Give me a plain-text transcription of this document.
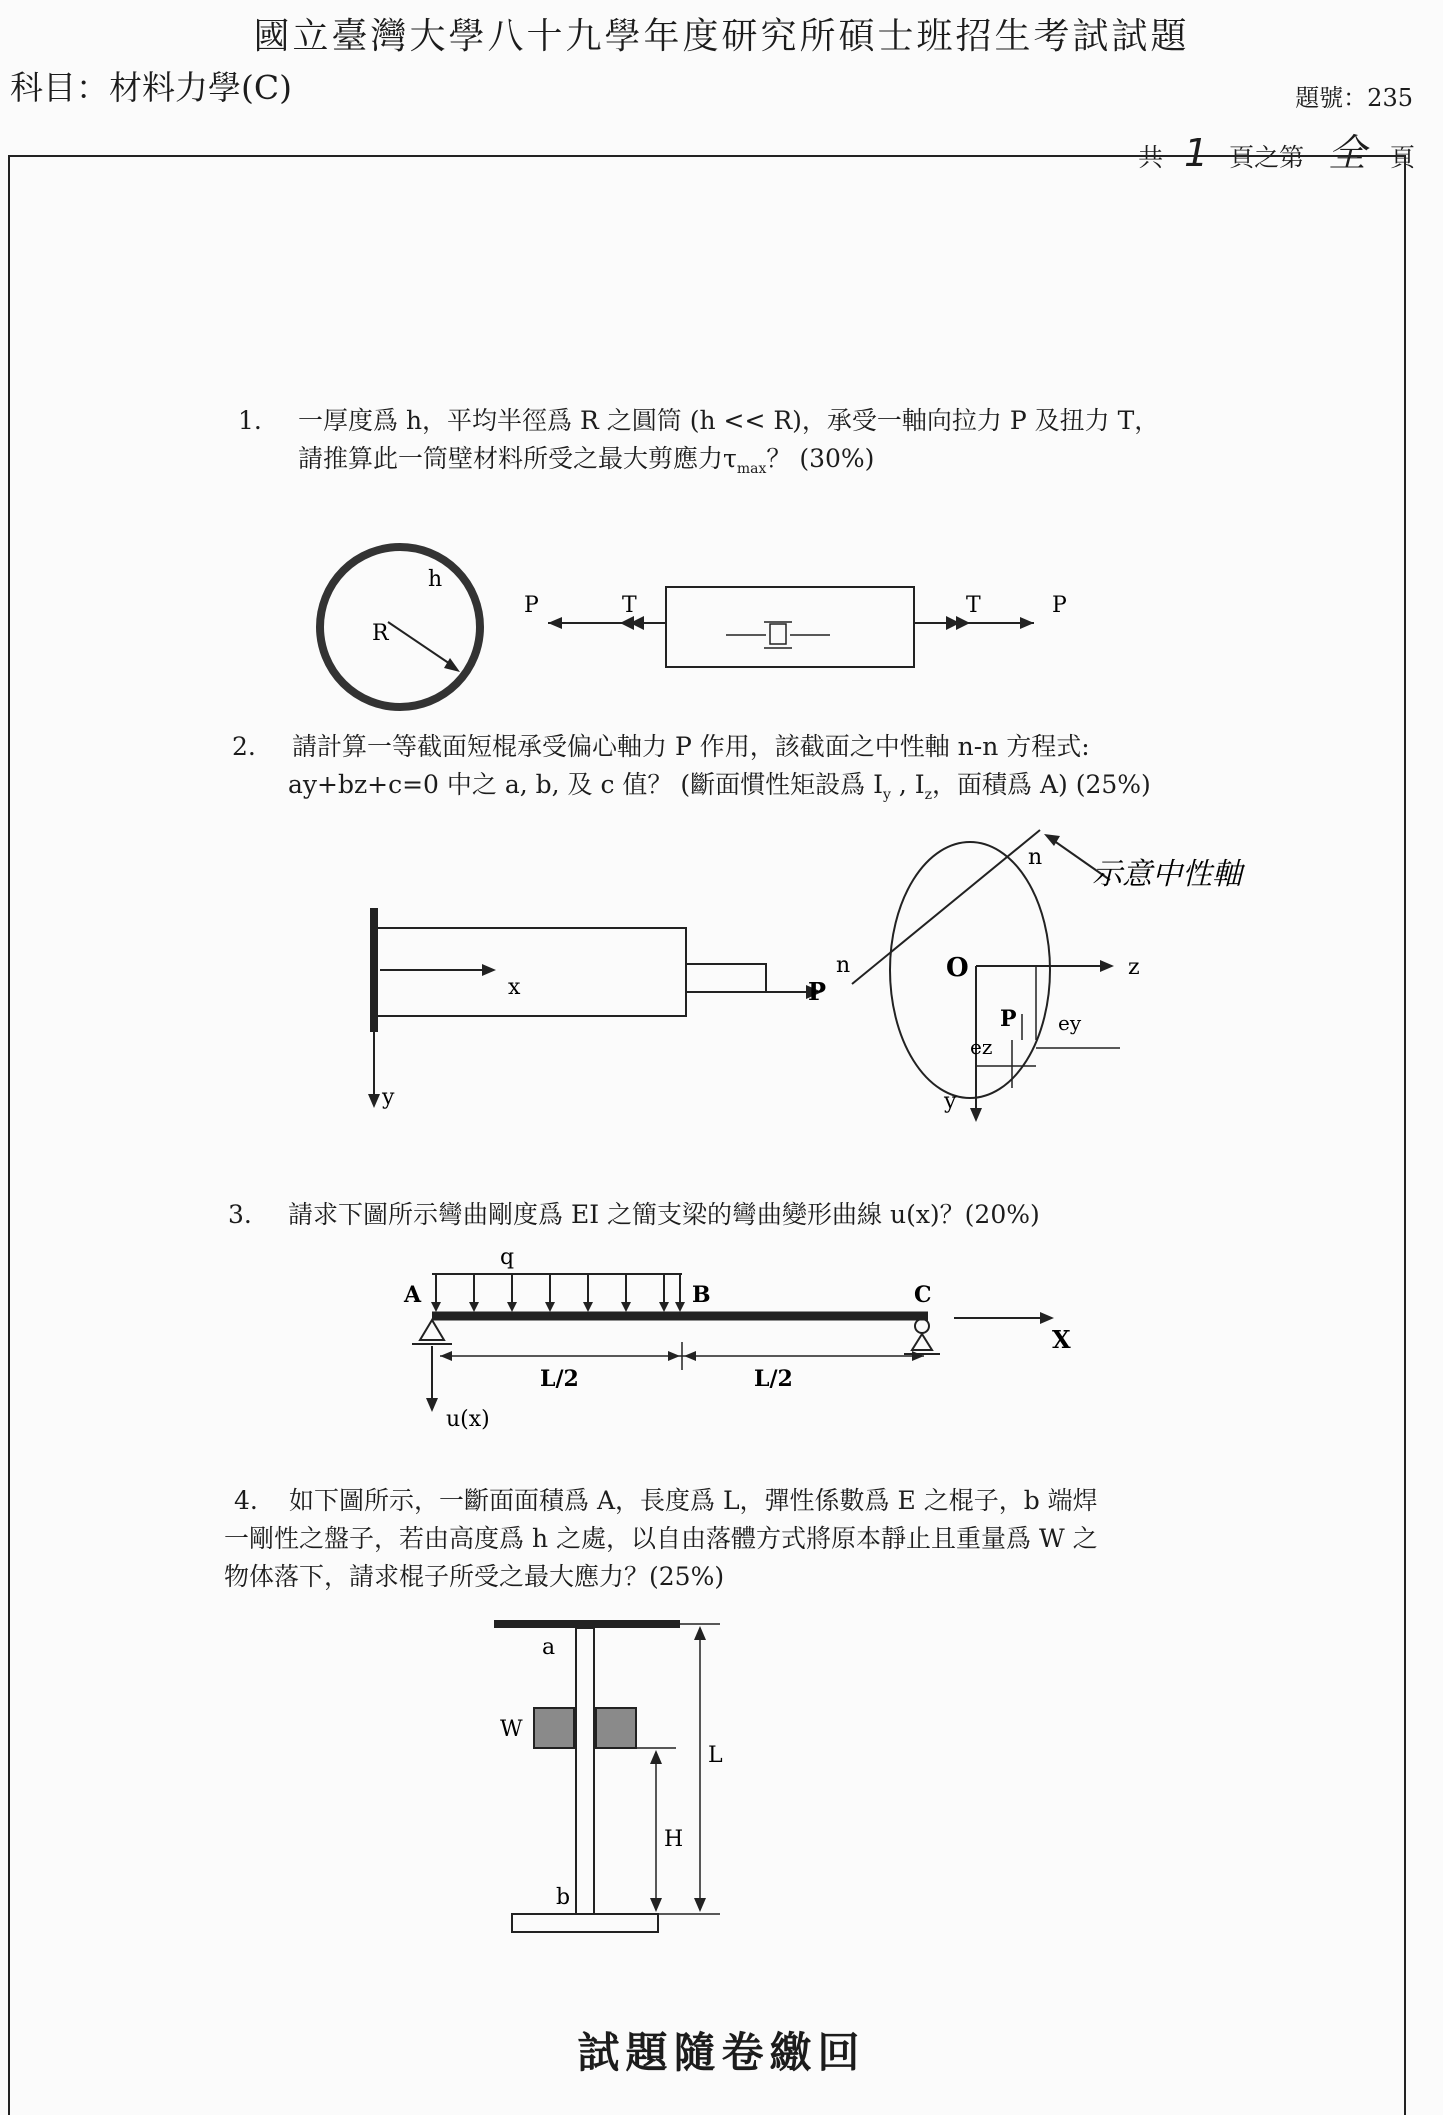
國立臺灣大學八十九學年度研究所碩士班招生考試試題
科目：材料力學(C)	題號：235
共 1 頁之第 全 頁
1. 一厚度爲 h，平均半徑爲 R 之圓筒 (h << R)，承受一軸向拉力 P 及扭力 T，
請推算此一筒壁材料所受之最大剪應力$\tau_{max}$？ (30%)
h
R
P	T	P
T
2. 請計算一等截面短棍承受偏心軸力 P 作用，該截面之中性軸 n-n 方程式:
ay+bz+c=0 中之 a, b, 及 c 值？ (斷面慣性矩設爲 $I_y$ , $I_z$，面積爲 A) (25%)
P
x
y
n
n 示意中性軸
O	z
y
ey
ez
P
3. 請求下圖所示彎曲剛度爲 EI 之簡支梁的彎曲變形曲線 u(x)？(20%)
q
A	B	C
X
L/2	L/2
u(x)
4. 如下圖所示，一斷面面積爲 A，長度爲 L，彈性係數爲 E 之棍子，b 端焊
一剛性之盤子，若由高度爲 h 之處，以自由落體方式將原本靜止且重量爲 W 之
物体落下，請求棍子所受之最大應力？(25%)
a
b
W
L
H
試題隨卷繳回
